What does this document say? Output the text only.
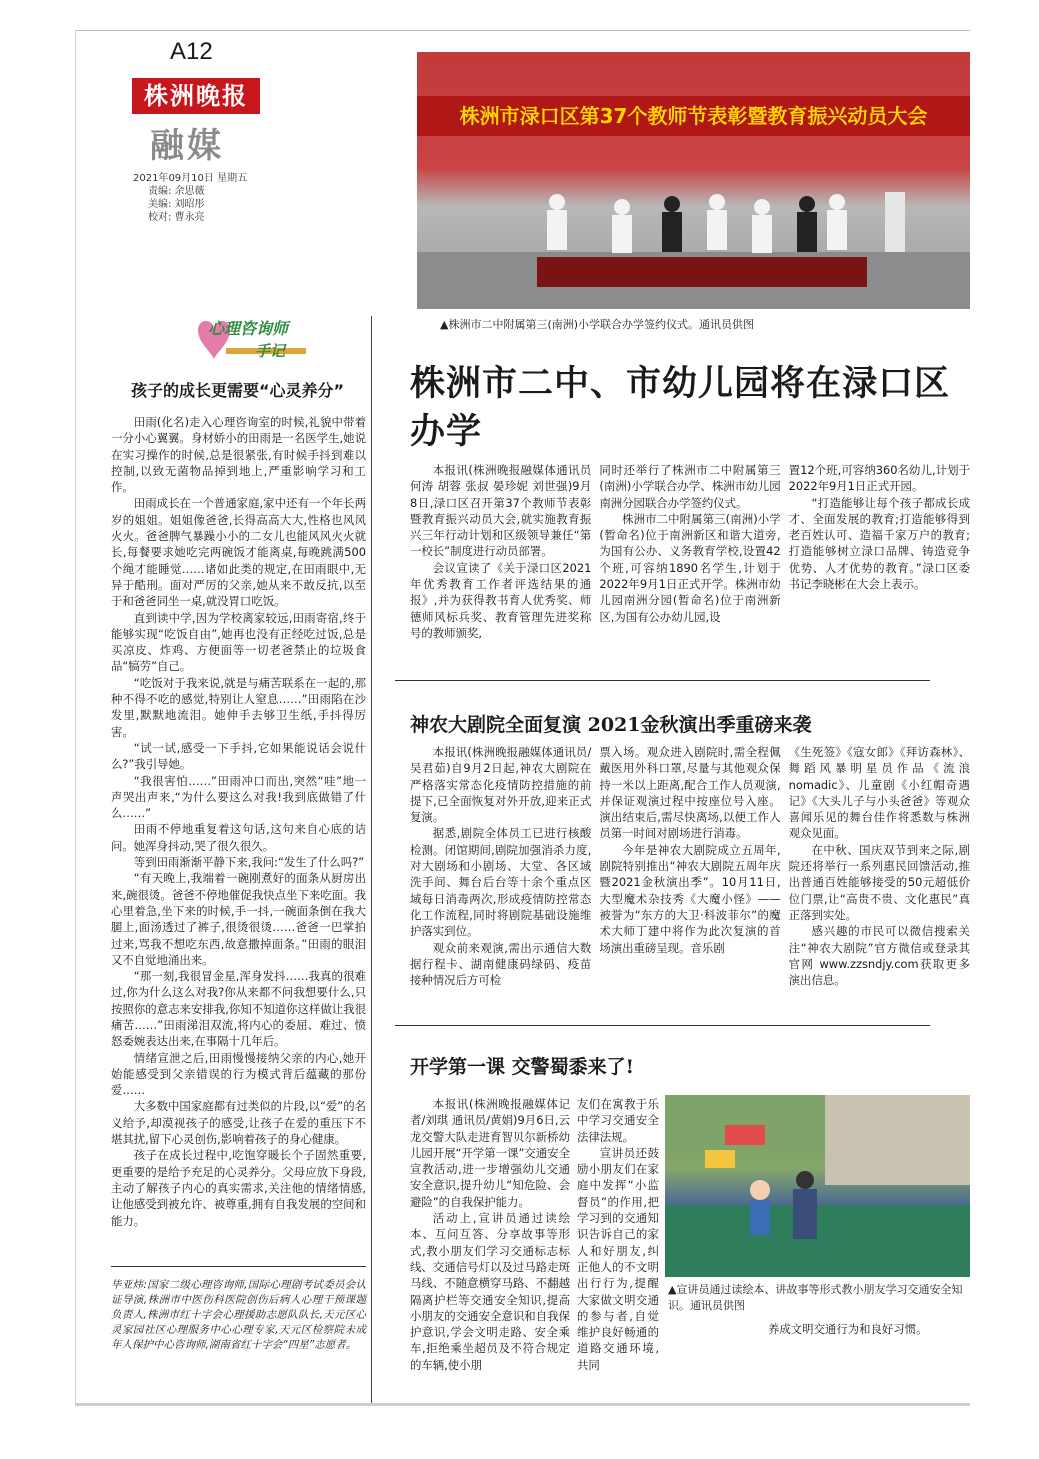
A12
株洲晚报
融媒
2021年09月10日 星期五
责编: 余思薇
美编: 刘昭彤
校对: 曹永亮
株洲市渌口区第37个教师节表彰暨教育振兴动员大会
▲株洲市二中附属第三(南洲)小学联合办学签约仪式。通讯员供图
心理咨询师
手记
孩子的成长更需要“心灵养分”

田雨(化名)走入心理咨询室的时候,礼貌中带着一分小心翼翼。身材娇小的田雨是一名医学生,她说在实习操作的时候,总是很紧张,有时候手抖到难以控制,以致无菌物品掉到地上,严重影响学习和工作。

田雨成长在一个普通家庭,家中还有一个年长两岁的姐姐。姐姐像爸爸,长得高高大大,性格也风风火火。爸爸脾气暴躁小小的二女儿也能风风火火就长,每餐要求她吃完两碗饭才能离桌,每晚跳满500个绳才能睡觉……诸如此类的规定,在田雨眼中,无异于酷刑。面对严厉的父亲,她从来不敢反抗,以至于和爸爸同坐一桌,就没胃口吃饭。

直到读中学,因为学校离家较远,田雨寄宿,终于能够实现“吃饭自由”,她再也没有正经吃过饭,总是买凉皮、炸鸡、方便面等一切老爸禁止的垃圾食品“犒劳”自己。

“吃饭对于我来说,就是与痛苦联系在一起的,那种不得不吃的感觉,特别让人窒息……”田雨陷在沙发里,默默地流泪。她伸手去够卫生纸,手抖得厉害。

“试一试,感受一下手抖,它如果能说话会说什么?”我引导她。

“我很害怕……”田雨冲口而出,突然“哇”地一声哭出声来,“为什么要这么对我!我到底做错了什么……”

田雨不停地重复着这句话,这句来自心底的诘问。她浑身抖动,哭了很久很久。

等到田雨渐渐平静下来,我问:“发生了什么吗?”

“有天晚上,我端着一碗刚煮好的面条从厨房出来,碗很烫。爸爸不停地催促我快点坐下来吃面。我心里着急,坐下来的时候,手一抖,一碗面条倒在我大腿上,面汤透过了裤子,很烫很烫……爸爸一巴掌拍过来,骂我不想吃东西,故意撒掉面条。”田雨的眼泪又不自觉地涌出来。

“那一刻,我很冒金星,浑身发抖……我真的很难过,你为什么这么对我?你从来都不问我想要什么,只按照你的意志来安排我,你知不知道你这样做让我很痛苦……”田雨涕泪双流,将内心的委屈、难过、愤怒委婉表达出来,在事隔十几年后。

情绪宣泄之后,田雨慢慢接纳父亲的内心,她开始能感受到父亲错误的行为模式背后蕴藏的那份爱……

大多数中国家庭都有过类似的片段,以“爱”的名义给予,却漠视孩子的感受,让孩子在爱的重压下不堪其扰,留下心灵创伤,影响着孩子的身心健康。

孩子在成长过程中,吃饱穿暖长个子固然重要,更重要的是给予充足的心灵养分。父母应放下身段,主动了解孩子内心的真实需求,关注他的情绪情感,让他感受到被允许、被尊重,拥有自我发展的空间和能力。

毕亚炜:国家二级心理咨询师,国际心理剧考试委员会认证导演,株洲市中医伤科医院创伤后病人心理干预课题负责人,株洲市红十字会心理援助志愿队队长,天元区心灵家园社区心理服务中心心理专家,天元区检察院未成年人保护中心咨询师,湖南省红十字会“四星”志愿者。
株洲市二中、市幼儿园将在渌口区办学

本报讯(株洲晚报融媒体通讯员何涛 胡蓉 张叔 晏珍妮 刘世强)9月8日,渌口区召开第37个教师节表彰暨教育振兴动员大会,就实施教育振兴三年行动计划和区级领导兼任“第一校长”制度进行动员部署。

会议宣读了《关于渌口区2021年优秀教育工作者评选结果的通报》,并为获得教书育人优秀奖、师德师风标兵奖、教育管理先进奖称号的教师颁奖,

同时还举行了株洲市二中附属第三(南洲)小学联合办学、株洲市幼儿园南洲分园联合办学签约仪式。

株洲市二中附属第三(南洲)小学(暂命名)位于南洲新区和谐大道旁,为国有公办、义务教育学校,设置42个班,可容纳1890名学生,计划于2022年9月1日正式开学。株洲市幼儿园南洲分园(暂命名)位于南洲新区,为国有公办幼儿园,设

置12个班,可容纳360名幼儿,计划于2022年9月1日正式开园。

“打造能够让每个孩子都成长成才、全面发展的教育;打造能够得到老百姓认可、造福千家万户的教育;打造能够树立渌口品牌、铸造竞争优势、人才优势的教育。”渌口区委书记李晓彬在大会上表示。

神农大剧院全面复演 2021金秋演出季重磅来袭

本报讯(株洲晚报融媒体通讯员/吴君茹)自9月2日起,神农大剧院在严格落实常态化疫情防控措施的前提下,已全面恢复对外开放,迎来正式复演。

据悉,剧院全体员工已进行核酸检测。闭馆期间,剧院加强消杀力度,对大剧场和小剧场、大堂、各区域洗手间、舞台后台等十余个重点区域每日消毒两次,形成疫情防控常态化工作流程,同时将剧院基础设施维护落实到位。

观众前来观演,需出示通信大数据行程卡、湖南健康码绿码、疫苗接种情况后方可检

票入场。观众进入剧院时,需全程佩戴医用外科口罩,尽量与其他观众保持一米以上距离,配合工作人员观演,并保证观演过程中按座位号入座。演出结束后,需尽快离场,以便工作人员第一时间对剧场进行消毒。

今年是神农大剧院成立五周年,剧院特别推出“神农大剧院五周年庆暨2021金秋演出季”。10月11日,大型魔术杂技秀《大魔小怪》——被誉为“东方的大卫·科波菲尔”的魔术大师丁建中将作为此次复演的首场演出重磅呈现。音乐剧

《生死签》《寇女郎》《拜访森林》、舞蹈风暴明星员作品《流浪nomadic》、儿童剧《小红帽奇遇记》《大头儿子与小头爸爸》等观众喜闻乐见的舞台佳作将悉数与株洲观众见面。

在中秋、国庆双节到来之际,剧院还将举行一系列惠民回馈活动,推出普通百姓能够接受的50元超低价位门票,让“高贵不贵、文化惠民”真正落到实处。

感兴趣的市民可以微信搜索关注“神农大剧院”官方微信或登录其官网 www.zzsndjy.com获取更多演出信息。

开学第一课 交警蜀黍来了!

本报讯(株洲晚报融媒体记者/刘琪 通讯员/黄娟)9月6日,云龙交警大队走进育智贝尔新桥幼儿园开展“开学第一课”交通安全宣教活动,进一步增强幼儿交通安全意识,提升幼儿“知危险、会避险”的自我保护能力。

活动上,宣讲员通过读绘本、互问互答、分享故事等形式,教小朋友们学习交通标志标线、交通信号灯以及过马路走斑马线、不随意横穿马路、不翻越隔离护栏等交通安全知识,提高小朋友的交通安全意识和自我保护意识,学会文明走路、安全乘车,拒绝乘坐超员及不符合规定的车辆,使小朋

友们在寓教于乐中学习交通安全法律法规。

宣讲员还鼓励小朋友们在家庭中发挥“小监督员”的作用,把学习到的交通知识告诉自己的家人和好朋友,纠正他人的不文明出行行为,提醒大家做文明交通的参与者,自觉维护良好畅通的道路交通环境,共同

养成文明交通行为和良好习惯。
▲宣讲员通过读绘本、讲故事等形式教小朋友学习交通安全知识。通讯员供图
